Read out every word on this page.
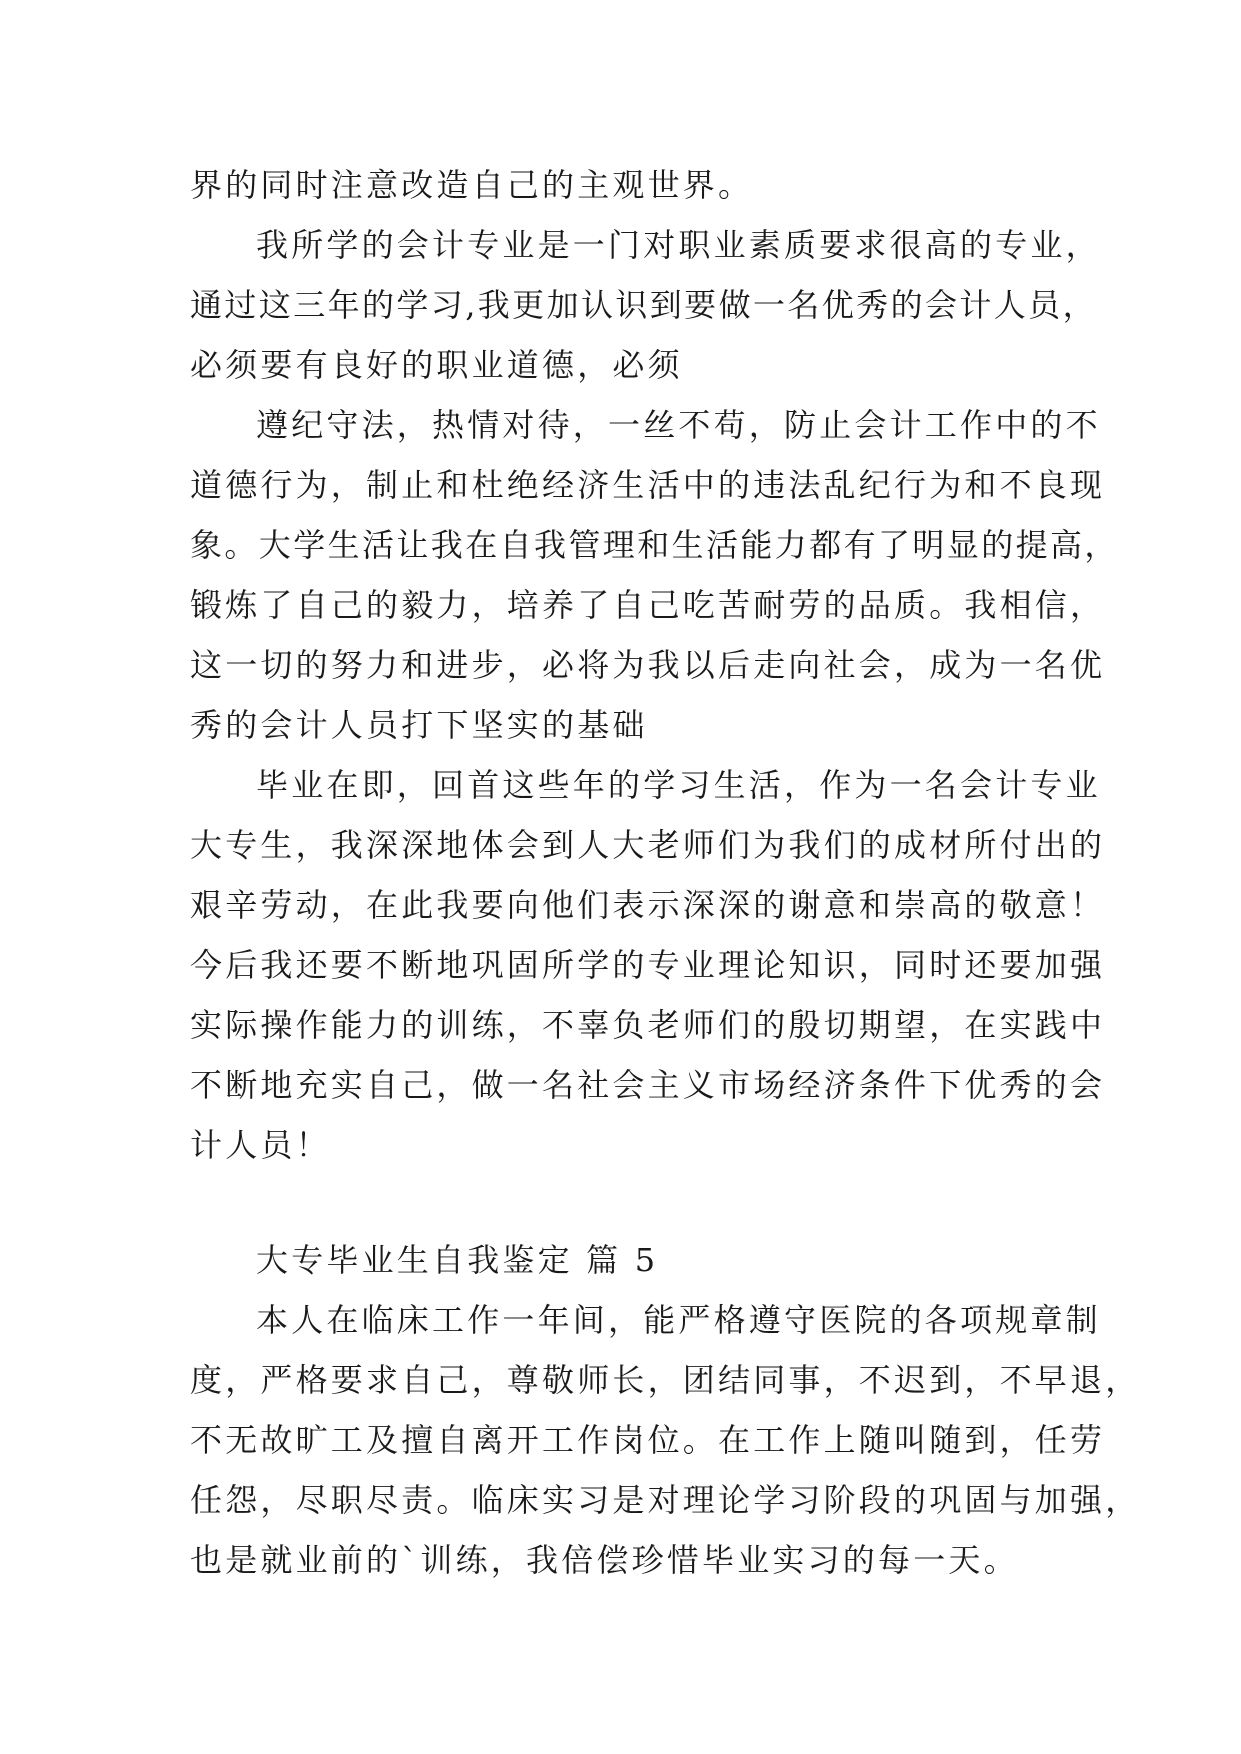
界的同时注意改造自己的主观世界。
我所学的会计专业是一门对职业素质要求很高的专业，
通过这三年的学习,我更加认识到要做一名优秀的会计人员，
必须要有良好的职业道德，必须
遵纪守法，热情对待，一丝不苟，防止会计工作中的不
道德行为，制止和杜绝经济生活中的违法乱纪行为和不良现
象。大学生活让我在自我管理和生活能力都有了明显的提高，
锻炼了自己的毅力，培养了自己吃苦耐劳的品质。我相信，
这一切的努力和进步，必将为我以后走向社会，成为一名优
秀的会计人员打下坚实的基础
毕业在即，回首这些年的学习生活，作为一名会计专业
大专生，我深深地体会到人大老师们为我们的成材所付出的
艰辛劳动，在此我要向他们表示深深的谢意和崇高的敬意！
今后我还要不断地巩固所学的专业理论知识，同时还要加强
实际操作能力的训练，不辜负老师们的殷切期望，在实践中
不断地充实自己，做一名社会主义市场经济条件下优秀的会
计人员！
大专毕业生自我鉴定 篇 5
本人在临床工作一年间，能严格遵守医院的各项规章制
度，严格要求自己，尊敬师长，团结同事，不迟到，不早退，
不无故旷工及擅自离开工作岗位。在工作上随叫随到，任劳
任怨，尽职尽责。临床实习是对理论学习阶段的巩固与加强，
也是就业前的`训练，我倍偿珍惜毕业实习的每一天。
